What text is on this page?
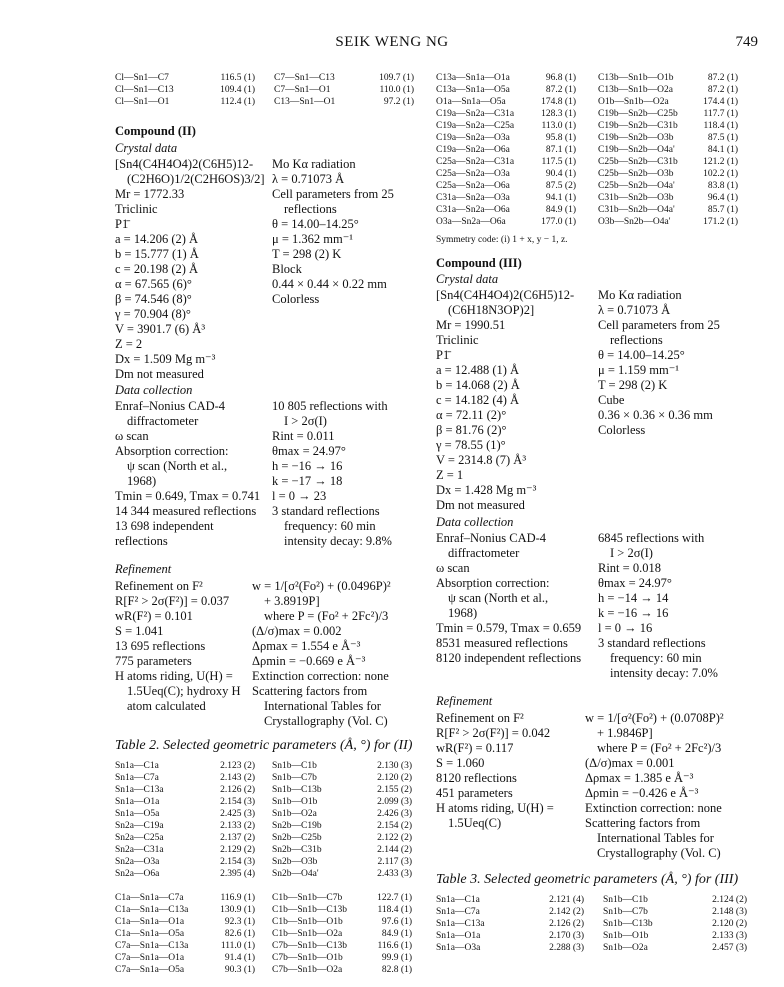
SEIK WENG NG	749
Cl—Sn1—C7	116.5 (1)
Cl—Sn1—C13	109.4 (1)
Cl—Sn1—O1	112.4 (1)
C7—Sn1—C13	109.7 (1)
C7—Sn1—O1	110.0 (1)
C13—Sn1—O1	97.2 (1)
Compound (II)
Crystal data
[Sn4(C4H4O4)2(C6H5)12-
(C2H6O)1/2(C2H6OS)3/2]
Mr = 1772.33
Triclinic
P1̄
a = 14.206 (2) Å
b = 15.777 (1) Å
c = 20.198 (2) Å
α = 67.565 (6)°
β = 74.546 (8)°
γ = 70.904 (8)°
V = 3901.7 (6) Å³
Z = 2
Dx = 1.509 Mg m⁻³
Dm not measured
Mo Kα radiation
λ = 0.71073 Å
Cell parameters from 25
reflections
θ = 14.00–14.25°
μ = 1.362 mm⁻¹
T = 298 (2) K
Block
0.44 × 0.44 × 0.22 mm
Colorless
Data collection
Enraf–Nonius CAD-4
diffractometer
ω scan
Absorption correction:
ψ scan (North et al.,
1968)
Tmin = 0.649, Tmax = 0.741
14 344 measured reflections
13 698 independent
reflections
10 805 reflections with
I > 2σ(I)
Rint = 0.011
θmax = 24.97°
h = −16 → 16
k = −17 → 18
l = 0 → 23
3 standard reflections
frequency: 60 min
intensity decay: 9.8%
Refinement
Refinement on F²
R[F² > 2σ(F²)] = 0.037
wR(F²) = 0.101
S = 1.041
13 695 reflections
775 parameters
H atoms riding, U(H) =
1.5Ueq(C); hydroxy H
atom calculated
w = 1/[σ²(Fo²) + (0.0496P)²
+ 3.8919P]
where P = (Fo² + 2Fc²)/3
(Δ/σ)max = 0.002
Δρmax = 1.554 e Å⁻³
Δρmin = −0.669 e Å⁻³
Extinction correction: none
Scattering factors from
International Tables for
Crystallography (Vol. C)
Table 2. Selected geometric parameters (Å, °) for (II)
Sn1a—C1a	2.123 (2)
Sn1a—C7a	2.143 (2)
Sn1a—C13a	2.126 (2)
Sn1a—O1a	2.154 (3)
Sn1a—O5a	2.425 (3)
Sn2a—C19a	2.133 (2)
Sn2a—C25a	2.137 (2)
Sn2a—C31a	2.129 (2)
Sn2a—O3a	2.154 (3)
Sn2a—O6a	2.395 (4)
Sn1b—C1b	2.130 (3)
Sn1b—C7b	2.120 (2)
Sn1b—C13b	2.155 (2)
Sn1b—O1b	2.099 (3)
Sn1b—O2a	2.426 (3)
Sn2b—C19b	2.154 (2)
Sn2b—C25b	2.122 (2)
Sn2b—C31b	2.144 (2)
Sn2b—O3b	2.117 (3)
Sn2b—O4a'	2.433 (3)
C1a—Sn1a—C7a	116.9 (1)
C1a—Sn1a—C13a	130.9 (1)
C1a—Sn1a—O1a	92.3 (1)
C1a—Sn1a—O5a	82.6 (1)
C7a—Sn1a—C13a	111.0 (1)
C7a—Sn1a—O1a	91.4 (1)
C7a—Sn1a—O5a	90.3 (1)
C1b—Sn1b—C7b	122.7 (1)
C1b—Sn1b—C13b	118.4 (1)
C1b—Sn1b—O1b	97.6 (1)
C1b—Sn1b—O2a	84.9 (1)
C7b—Sn1b—C13b	116.6 (1)
C7b—Sn1b—O1b	99.9 (1)
C7b—Sn1b—O2a	82.8 (1)
C13a—Sn1a—O1a	96.8 (1)
C13a—Sn1a—O5a	87.2 (1)
O1a—Sn1a—O5a	174.8 (1)
C19a—Sn2a—C31a	128.3 (1)
C19a—Sn2a—C25a	113.0 (1)
C19a—Sn2a—O3a	95.8 (1)
C19a—Sn2a—O6a	87.1 (1)
C25a—Sn2a—C31a	117.5 (1)
C25a—Sn2a—O3a	90.4 (1)
C25a—Sn2a—O6a	87.5 (2)
C31a—Sn2a—O3a	94.1 (1)
C31a—Sn2a—O6a	84.9 (1)
O3a—Sn2a—O6a	177.0 (1)
C13b—Sn1b—O1b	87.2 (1)
C13b—Sn1b—O2a	87.2 (1)
O1b—Sn1b—O2a	174.4 (1)
C19b—Sn2b—C25b	117.7 (1)
C19b—Sn2b—C31b	118.4 (1)
C19b—Sn2b—O3b	87.5 (1)
C19b—Sn2b—O4a'	84.1 (1)
C25b—Sn2b—C31b	121.2 (1)
C25b—Sn2b—O3b	102.2 (1)
C25b—Sn2b—O4a'	83.8 (1)
C31b—Sn2b—O3b	96.4 (1)
C31b—Sn2b—O4a'	85.7 (1)
O3b—Sn2b—O4a'	171.2 (1)
Symmetry code: (i) 1 + x, y − 1, z.
Compound (III)
Crystal data
[Sn4(C4H4O4)2(C6H5)12-
(C6H18N3OP)2]
Mr = 1990.51
Triclinic
P1̄
a = 12.488 (1) Å
b = 14.068 (2) Å
c = 14.182 (4) Å
α = 72.11 (2)°
β = 81.76 (2)°
γ = 78.55 (1)°
V = 2314.8 (7) Å³
Z = 1
Dx = 1.428 Mg m⁻³
Dm not measured
Mo Kα radiation
λ = 0.71073 Å
Cell parameters from 25
reflections
θ = 14.00–14.25°
μ = 1.159 mm⁻¹
T = 298 (2) K
Cube
0.36 × 0.36 × 0.36 mm
Colorless
Data collection
Enraf–Nonius CAD-4
diffractometer
ω scan
Absorption correction:
ψ scan (North et al.,
1968)
Tmin = 0.579, Tmax = 0.659
8531 measured reflections
8120 independent reflections
6845 reflections with
I > 2σ(I)
Rint = 0.018
θmax = 24.97°
h = −14 → 14
k = −16 → 16
l = 0 → 16
3 standard reflections
frequency: 60 min
intensity decay: 7.0%
Refinement
Refinement on F²
R[F² > 2σ(F²)] = 0.042
wR(F²) = 0.117
S = 1.060
8120 reflections
451 parameters
H atoms riding, U(H) =
1.5Ueq(C)
w = 1/[σ²(Fo²) + (0.0708P)²
+ 1.9846P]
where P = (Fo² + 2Fc²)/3
(Δ/σ)max = 0.001
Δρmax = 1.385 e Å⁻³
Δρmin = −0.426 e Å⁻³
Extinction correction: none
Scattering factors from
International Tables for
Crystallography (Vol. C)
Table 3. Selected geometric parameters (Å, °) for (III)
Sn1a—C1a	2.121 (4)
Sn1a—C7a	2.142 (2)
Sn1a—C13a	2.126 (2)
Sn1a—O1a	2.170 (3)
Sn1a—O3a	2.288 (3)
Sn1b—C1b	2.124 (2)
Sn1b—C7b	2.148 (3)
Sn1b—C13b	2.120 (2)
Sn1b—O1b	2.133 (3)
Sn1b—O2a	2.457 (3)
